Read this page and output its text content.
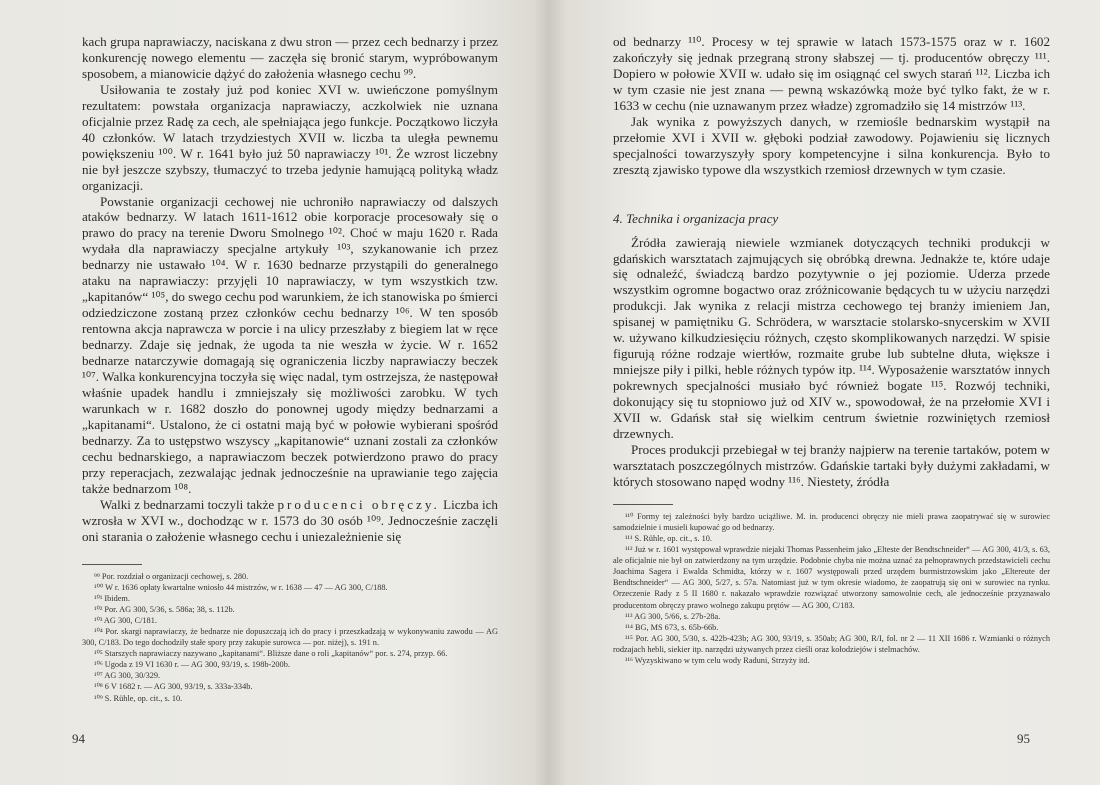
kach grupa naprawiaczy, naciskana z dwu stron — przez cech bednarzy i przez konkurencję nowego elementu — zaczęła się bronić starym, wypróbowanym sposobem, a mianowicie dążyć do założenia własnego cechu ⁹⁹.

Usiłowania te zostały już pod koniec XVI w. uwieńczone pomyślnym rezultatem: powstała organizacja naprawiaczy, aczkolwiek nie uznana oficjalnie przez Radę za cech, ale spełniająca jego funkcje. Początkowo liczyła 40 członków. W latach trzydziestych XVII w. liczba ta uległa pewnemu powiększeniu ¹⁰⁰. W r. 1641 było już 50 naprawiaczy ¹⁰¹. Że wzrost liczebny nie był jeszcze szybszy, tłumaczyć to trzeba jedynie hamującą polityką władz organizacji.

Powstanie organizacji cechowej nie uchroniło naprawiaczy od dalszych ataków bednarzy. W latach 1611-1612 obie korporacje procesowały się o prawo do pracy na terenie Dworu Smolnego ¹⁰². Choć w maju 1620 r. Rada wydała dla naprawiaczy specjalne artykuły ¹⁰³, szykanowanie ich przez bednarzy nie ustawało ¹⁰⁴. W r. 1630 bednarze przystąpili do generalnego ataku na naprawiaczy: przyjęli 10 naprawiaczy, w tym wszystkich tzw. „kapitanów“ ¹⁰⁵, do swego cechu pod warunkiem, że ich stanowiska po śmierci odziedziczone zostaną przez członków cechu bednarzy ¹⁰⁶. W ten sposób rentowna akcja naprawcza w porcie i na ulicy przeszłaby z biegiem lat w ręce bednarzy. Zdaje się jednak, że ugoda ta nie weszła w życie. W r. 1652 bednarze natarczywie domagają się ograniczenia liczby naprawiaczy beczek ¹⁰⁷. Walka konkurencyjna toczyła się więc nadal, tym ostrzejsza, że następował właśnie upadek handlu i zmniejszały się możliwości zarobku. W tych warunkach w r. 1682 doszło do ponownej ugody między bednarzami a „kapitanami“. Ustalono, że ci ostatni mają być w połowie wybierani spośród bednarzy. Za to ustępstwo wszyscy „kapitanowie“ uznani zostali za członków cechu bednarskiego, a naprawiaczom beczek potwierdzono prawo do pracy przy reperacjach, zezwalając jednak jednocześnie na uprawianie tego zajęcia także bednarzom ¹⁰⁸.

Walki z bednarzami toczyli także producenci obręczy. Liczba ich wzrosła w XVI w., dochodząc w r. 1573 do 30 osób ¹⁰⁹. Jednocześnie zaczęli oni starania o założenie własnego cechu i uniezależnienie się

⁹⁹ Por. rozdział o organizacji cechowej, s. 280.

¹⁰⁰ W r. 1636 opłaty kwartalne wniosło 44 mistrzów, w r. 1638 — 47 — AG 300, C/188.

¹⁰¹ Ibidem.

¹⁰² Por. AG 300, 5/36, s. 586a; 38, s. 112b.

¹⁰³ AG 300, C/181.

¹⁰⁴ Por. skargi naprawiaczy, że bednarze nie dopuszczają ich do pracy i przeszkadzają w wykonywaniu zawodu — AG 300, C/183. Do tego dochodziły stałe spory przy zakupie surowca — por. niżej), s. 191 n.

¹⁰⁵ Starszych naprawiaczy nazywano „kapitanami“. Bliższe dane o roli „kapitanów“ por. s. 274, przyp. 66.

¹⁰⁶ Ugoda z 19 VI 1630 r. — AG 300, 93/19, s. 198b-200b.

¹⁰⁷ AG 300, 30/329.

¹⁰⁸ 6 V 1682 r. — AG 300, 93/19, s. 333a-334b.

¹⁰⁹ S. Rühle, op. cit., s. 10.

94

od bednarzy ¹¹⁰. Procesy w tej sprawie w latach 1573-1575 oraz w r. 1602 zakończyły się jednak przegraną strony słabszej — tj. producentów obręczy ¹¹¹. Dopiero w połowie XVII w. udało się im osiągnąć cel swych starań ¹¹². Liczba ich w tym czasie nie jest znana — pewną wskazówką może być tylko fakt, że w r. 1633 w cechu (nie uznawanym przez władze) zgromadziło się 14 mistrzów ¹¹³.

Jak wynika z powyższych danych, w rzemiośle bednarskim wystąpił na przełomie XVI i XVII w. głęboki podział zawodowy. Pojawieniu się licznych specjalności towarzyszyły spory kompetencyjne i silna konkurencja. Było to zresztą zjawisko typowe dla wszystkich rzemiosł drzewnych w tym czasie.

4. Technika i organizacja pracy

Źródła zawierają niewiele wzmianek dotyczących techniki produkcji w gdańskich warsztatach zajmujących się obróbką drewna. Jednakże te, które udaje się odnaleźć, świadczą bardzo pozytywnie o jej poziomie. Uderza przede wszystkim ogromne bogactwo oraz zróżnicowanie będących tu w użyciu narzędzi produkcji. Jak wynika z relacji mistrza cechowego tej branży imieniem Jan, spisanej w pamiętniku G. Schrödera, w warsztacie stolarsko-snycerskim w XVII w. używano kilkudziesięciu różnych, często skomplikowanych narzędzi. W spisie figurują różne rodzaje wiertłów, rozmaite grube lub subtelne dłuta, większe i mniejsze piły i pilki, heble różnych typów itp. ¹¹⁴. Wyposażenie warsztatów innych pokrewnych specjalności musiało być również bogate ¹¹⁵. Rozwój techniki, dokonujący się tu stopniowo już od XIV w., spowodował, że na przełomie XVI i XVII w. Gdańsk stał się wielkim centrum świetnie rozwiniętych rzemiosł drzewnych.

Proces produkcji przebiegał w tej branży najpierw na terenie tartaków, potem w warsztatach poszczególnych mistrzów. Gdańskie tartaki były dużymi zakładami, w których stosowano napęd wodny ¹¹⁶. Niestety, źródła

¹¹⁰ Formy tej zależności były bardzo uciążliwe. M. in. producenci obręczy nie mieli prawa zaopatrywać się w surowiec samodzielnie i musieli kupować go od bednarzy.

¹¹¹ S. Rühle, op. cit., s. 10.

¹¹² Już w r. 1601 występował wprawdzie niejaki Thomas Passenheim jako „Elteste der Bendtschneider“ — AG 300, 41/3, s. 63, ale oficjalnie nie był on zatwierdzony na tym urzędzie. Podobnie chyba nie można uznać za pełnoprawnych przedstawicieli cechu Joachima Sagera i Ewalda Schmidta, którzy w r. 1607 występowali przed urzędem burmistrzowskim jako „Eltereute der Bendtschneider“ — AG 300, 5/27, s. 57a. Natomiast już w tym okresie wiadomo, że zaopatrują się oni w surowiec na rynku. Orzeczenie Rady z 5 II 1680 r. nakazało wprawdzie rozwiązać utworzony samowolnie cech, ale jednocześnie przyznawało producentom obręczy prawo wolnego zakupu prętów — AG 300, C/183.

¹¹³ AG 300, 5/66, s. 27b-28a.

¹¹⁴ BG, MS 673, s. 65b-66b.

¹¹⁵ Por. AG 300, 5/30, s. 422b-423b; AG 300, 93/19, s. 350ab; AG 300, R/I, fol. nr 2 — 11 XII 1686 r. Wzmianki o różnych rodzajach hebli, siekier itp. narzędzi używanych przez cieśli oraz kołodziejów i stelmachów.

¹¹⁶ Wyzyskiwano w tym celu wody Raduni, Strzyży itd.

95
